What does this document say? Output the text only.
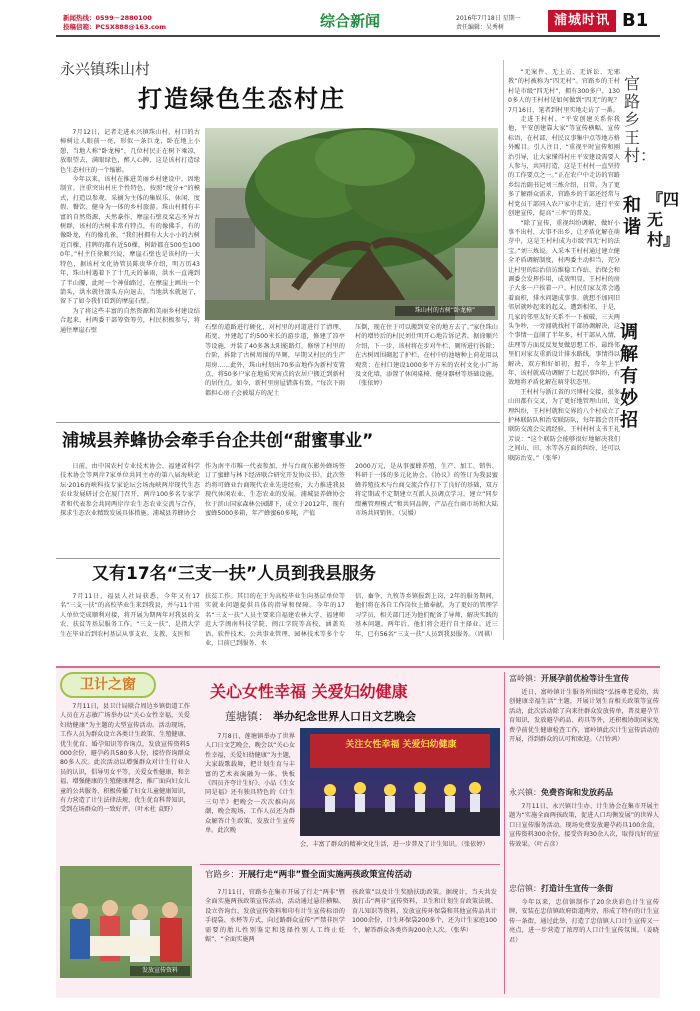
新闻热线：0599－2880100
投稿信箱：PCSX888@163.com	综合新闻	2016年7月18日 星期一
责任编辑：吴秀树	浦城时讯 B1
永兴镇珠山村
打造绿色生态村庄

7月12日，记者走进永兴镇珠山村，村口的古樟树让人眼前一亮，形似一条巨龙，卧在地上小憩，当地人称“卧龙樟”，几位村民正在树下乘凉，放眼望去，满眼绿色，醉人心脾，这是该村打造绿色生态村庄的一个缩影。

今年以来，该村在推进美丽乡村建设中，因地制宜，注重突出村庄个性特色，按照“统分+”的模式，打造以参观、采摘为主体的集娱乐、休闲、度假、餐饮、健身为一体的乡村旅游。珠山村拥有丰富的自然资源，天然豢作、摩崖石壁及栾志圣异古树群，该村的古树非常有特点，有的像佛手，有的像卧龙，有的像孔雀。“我们村拥有大大小小的古树近百棵，挂牌的都有近50棵，树龄都在500至1000年。”村主任徐顺兴说，摩崖石壁也是该村的一大特色，据该村文化协管员陈贵华介绍，明万历43年，珠山村遇着下了十几天的暴雨，洪水一直淹到了半山腰，此时一个神仙路过，在摩崖上画出一个箭头，洪水就往箭头方向退去，当地洪水就退了，留下了如今我们看到的摩崖石壁。

为了将这些丰富的自然资源和美丽乡村建设结合起来，村两委干部筹资筹劳，村民积极参与，将通往摩崖石壁

珠山村的古树“卧龙樟”
石壁的道路进行硬化，对村里的河道进行了清理、拓宽，并建起了约500米长的游步道，修建了凉亭等设施，并装了40多盏太阳能路灯，修缮了村里的台阶，拆除了古树周围的旱厕，早期又村民的生产用房……此外，珠山村划出70多亩地作为新村安置点，将50多户家在地质灾害点的农居户搬迁到新村的居住点。如今，新村里房屋错落有致。“每次下雨都担心房子会被塌方的泥土
压倒，现在住于可以搬到安全的地方去了。”家住珠山村的增铃后的村民刘仕明开心地告诉记者。据徐顺兴介绍，下一步，该村将在步对牛栏、厕所进行拆除；在古树周围砌起了护栏，在村中的池塘种上荷花用以观赏；在村口建设1000多平方米的农村文化小广场及文化墙，添置了休闲桌椅、健身器材等基础设施。（张依婷）

“无案件、无上访、无诉讼、无邪教”的村被称为“四无村”。官路乡的王村村是市级“四无村”，拥有300多户，1300多人的王村村是如何做到“四无”的呢？7月16日，笔者到村里实地走访了一番。

走进王村村，“平安创建关系你我他，平安创建靠大家”等宣传横幅、宣传标语，在村部、村民议事集中点等地方格外醒目。引人注目，“重视平时宣传和刚治引导，让大家懂得村庄平安建设需要人人参与，共同打造，这是王村村一直坚持的工作要点之一。”正在农户中走访的官路乡综治副书记刘三炼介绍，日常，为了更多了解群众需求，官路乡的干部还经常与村党员干部同入农户家中走访，进行平安创建宣传，提高“三率”的普及。

“除了宣传，重视纠纷调解，做好小事不出村，大事不出乡，让矛盾化解在萌芽中，这是王村村成为市级‘四无’村的法宝。”刘三炼说。入采本王村村通过建立健全矛盾调解制度，村两委主动担当，充分让村里的综治信访维稳工作站、治保会和调委会发挥作用，成效明显。王村村的房子大多一户挨着一户，村民们家友常会遇着面积，排水问题成事事。就想不加同旧邻居就吵起来的起义，遭到相邻，于是，几家的邻里友好关系不一下被破，三天两头争吵，一旁闻就找村干部协调解决，这个事情一直闹了半年多，村干部从入情，法理等方面反反复复做思想工作，最终邻里们对家友重新设计排水路线，事情得以解决，双方和好如初，握手，今年上半年，该村就成功调解了七起民事纠纷，有效地将矛盾化解在萌芽状态里。

王村村与浙江省的兴博村交接，很多山田都有交叉，为了更好地管理山田，处理纠纷，王村村就和交界的八个村成立了护林联防队和治安联防队，每年都会召开联防交流会交流经验，王村村村支书王礼芳说：“这个联防会能够很好地解决我们之间山、田、水等各方面的纠纷，还可以联防治安。”（张华）

官路乡王村：
和谐
『四无村』
调解有妙招
浦城县养蜂协会牵手台企共创“甜蜜事业”
日前，由中国农村专业技术协会、福建省科学技术协会等两岸7家单位共同主办的第八届海峡论坛·2016海峡科技专家论坛会场海峡两岸现代生态农业发展研讨会在厦门召开，两岸100多名专家学者和代表参会共同两岸岸农生态农业交流与合作，探求生态农业精致发展具体措施。浦城县养蜂协会
作为南平市唯一代表参加，并与台商东影外蜂场签订了蜜蜂与林下经济联合研究开发协议书》。此次签约将可蜂业台商现代农业先进经验，大力推进我县现代休闲农业、生态农业的发展。浦城县养蜂协会位于滨山国家森林公园脚下，成立于2012年，现有蜜蜂5000多箱，年产蜂蜜60多吨，产值
2000万元，是从事蜜蜂养殖、生产、加工、销售、科研于一体的多元化协会。《协议》的签订为我县蜜蜂养殖技术与台商交流合作打下了良好的基础，双方将定期或不定期建立互派人员调点学习，建立“同步缀蓄管理模式”和共同品牌，产品在台商市场和大陆市场共同销售。（吴媛）
又有17名“三支一扶”人员到我县服务
7月11日，福县人社局获悉，今年又有17名“三支一扶”的高校毕业生来到我县，并与11个用人单位完成顺利对接，将开展为期两年对我县的支农、扶贫等基层服务工作。“三支一扶”，是指大学生在毕业后到农村基层从事支农、支教、支医和
扶贫工作。其目的在于为高校毕业生向基层单位等实就业问题提供具体的指导和保障。今年的17名“三支一扶”人员主要来自福建农林大学、福建师范大学闽南科技学院、闽江学院等高校，涵盖英语、软件技术、公共事业管理、园林技术等多个专业，目前已到服务、水
信、畜争、九牧等乡镇报到上岗，2年的服务期间，他们将在各自工作岗位上做奉献。为了更好的管理学习学员，相关部门还为他们配备了导师，解决实践的基本问题。两年后，他们将会进行自主择业。近三年，已有56名“三支一扶”人员到我县服务。（周祺）
卫计之窗	关心女性幸福 关爱妇幼健康
莲塘镇： 举办纪念世界人口日文艺晚会
7月11日，县卫计局联合周边乡镇街道工作人员在方志敏广场举办以“关心女性幸福，关爱妇幼健康”为主题的大型宣传活动。活动现场，工作人员为群众设立各类计生政策、生殖健康、优生优育、婚孕知识等咨询点，发放宣传资料5000余份，避孕药具580多人份，接待咨询群众80多人次。此次活动以增强群众对计生行业人员的认识，倡导男女平等，关爱女性健康，和幸福、增强健康的生殖健康理念，推广面向妇女儿童的公共服务，积极传播了妇女儿童健康知识，有力营造了计生法律法规、优生优育科普知识，受到在场群众的一致好评。（叶永杜 袁野）
发放宣传资料
7月8日，莲塘镇举办了世界人口日文艺晚会，晚会以“关心女性幸福，关爱妇幼健康”为主题，大家载歌载舞，把计划生育与丰富的艺术表演融为一体。快板《四员齐夸计生好》、小品《生女同是福》还有独具特色的《计生三句半》把晚会一次次推向高潮，晚会现场，工作人员还为群众解答计生政策，发放计生宣传单。此次晚
关注女性幸福 关爱妇幼健康
会，丰富了群众的精神文化生活，进一步普及了计生知识。（张依婷）
官路乡：开展行走“两非”暨全面实施两孩政策宣传活动
7月11日，官路乡在集市开展了行走“两非”暨全面实施两孩政策宣传活动，活动通过悬挂横幅、设立咨询台、发放宣传资料和印有计生宣传标语的手提袋、水杯等方式，向过路群众宣传“严禁非医学需要的胎儿性别鉴定和选择性别人工终止妊娠”、“全面实施两
孩政策”以及计生奖励扶助政策。据统计，当天共发放打击“两非”宣传资料，卫生和计划生育政策法规、育儿知识等资料，发放宣传环保袋和其他宣传品共计1000余份，计生环保袋200多个，还为计生家庭100个，解答群众各类咨询200余人次。（张华）
富岭镇：开展孕前优检等计生宣传
近日，富岭镇计生服务所围绕“弘扬尊老爱幼，共创健康幸福生活”主题，开展计划生育相关政策等宣传活动，此次活动除了向来往群众发放传单，普及避孕节育知识，发放避孕药品、药具等外，还积极协助国家免费孕前优生健康检查工作，富岭镇此次计生宣传活动的开展，得到群众的认可和欢迎。（吕铃鸿）
永兴镇：免费咨询和发放药品
7月11日，永兴镇计生办、计生协会在集市开展主题为“实施全面两孩政策，促进人口均衡发展”的世界人口日宣传服务活动。现场免费发放避孕药具100余盒，宣传资料300余份，接受咨询30余人次，取得良好的宣传效果。（叶占彦）
忠信镇：打造计生宣传一条街
今年以来，忠信镇制作了20余块彩色计生宣传牌，安装在忠信镇政府街道两旁，形成了特有的计生宣传一条街，通过此举，打造了忠信镇人口计生宣传又一亮点，进一步营造了浓厚的人口计生宣传氛围。（姜晓君）
